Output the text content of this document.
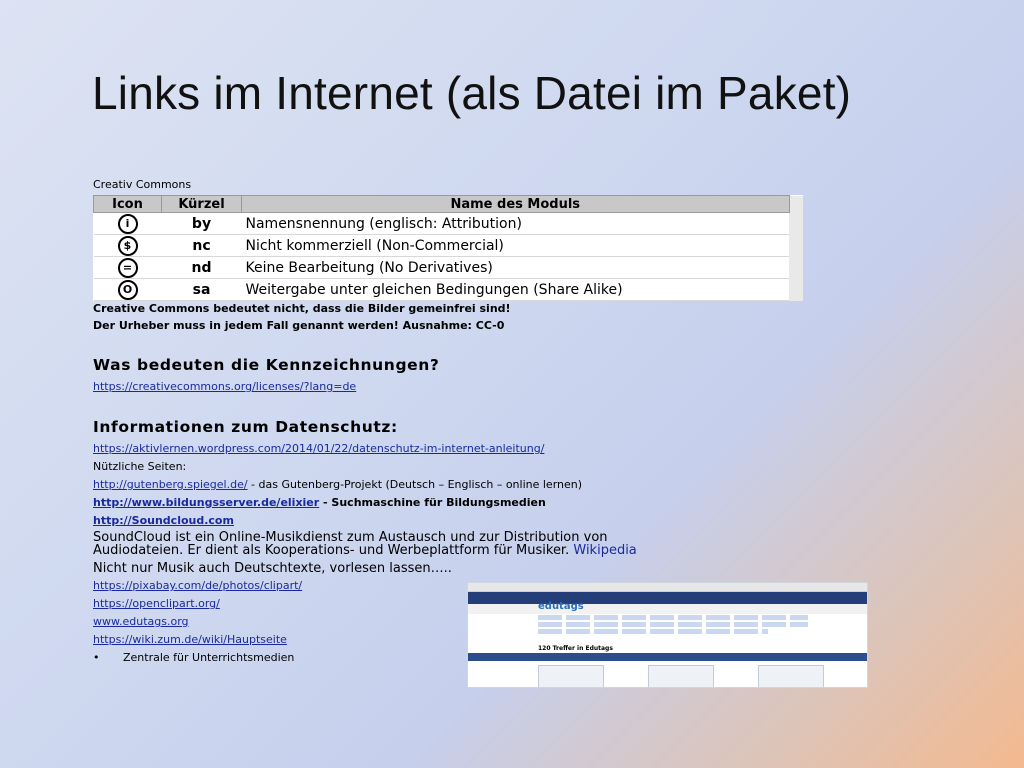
Links im Internet (als Datei im Paket)
Creativ Commons
Icon	Kürzel	Name des Moduls	
i	by	Namensnennung (englisch: Attribution)	
$	nc	Nicht kommerziell (Non-Commercial)	
=	nd	Keine Bearbeitung (No Derivatives)	
O	sa	Weitergabe unter gleichen Bedingungen (Share Alike)	
Creative Commons bedeutet nicht, dass die Bilder gemeinfrei sind!
Der Urheber muss in jedem Fall genannt werden! Ausnahme: CC-0
Was bedeuten die Kennzeichnungen?
https://creativecommons.org/licenses/?lang=de
Informationen zum Datenschutz:
https://aktivlernen.wordpress.com/2014/01/22/datenschutz-im-internet-anleitung/
Nützliche Seiten:
http://gutenberg.spiegel.de/ - das Gutenberg-Projekt (Deutsch – Englisch – online lernen)
http://www.bildungsserver.de/elixier - Suchmaschine für Bildungsmedien
http://Soundcloud.com
SoundCloud ist ein Online-Musikdienst zum Austausch und zur Distribution von
Audiodateien. Er dient als Kooperations- und Werbeplattform für Musiker. Wikipedia
Nicht nur Musik auch Deutschtexte, vorlesen lassen…..
https://pixabay.com/de/photos/clipart/
https://openclipart.org/
www.edutags.org
https://wiki.zum.de/wiki/Hauptseite
• Zentrale für Unterrichtsmedien
edutags
120 Treffer in Edutags
